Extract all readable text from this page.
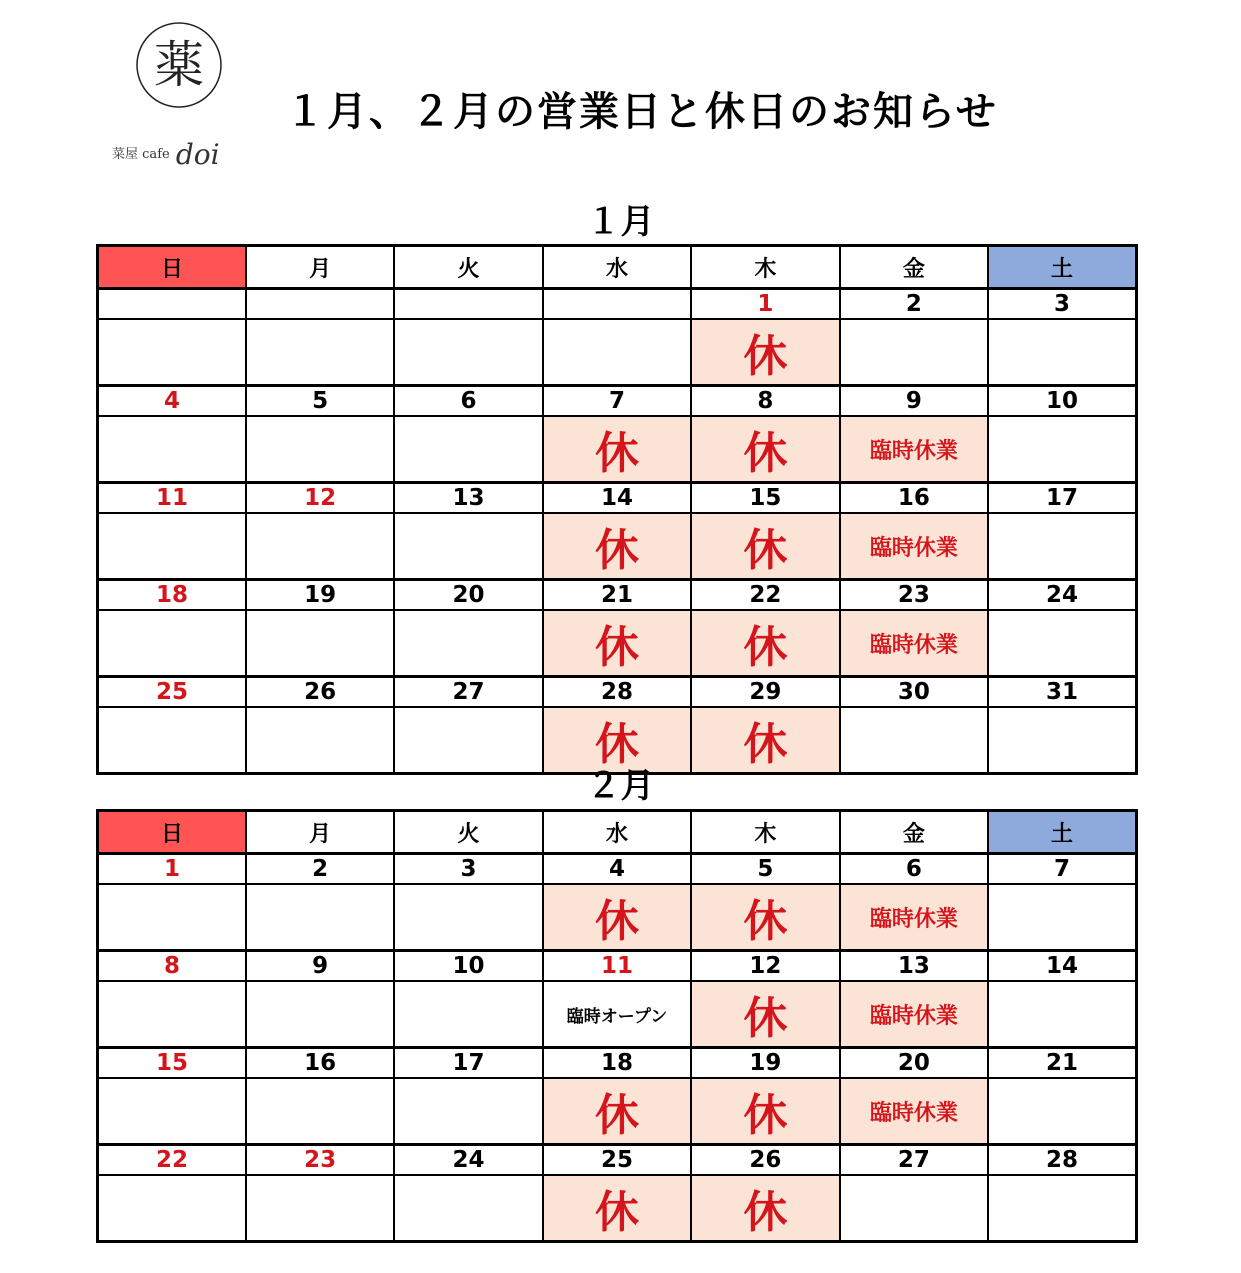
薬
菜屋 cafe doi
１月、２月の営業日と休日のお知らせ
１月
日	月	火	水	木	金	土
				1	2	3
				休		
4	5	6	7	8	9	10
			休	休	臨時休業	
11	12	13	14	15	16	17
			休	休	臨時休業	
18	19	20	21	22	23	24
			休	休	臨時休業	
25	26	27	28	29	30	31
			休	休		
２月
日	月	火	水	木	金	土
1	2	3	4	5	6	7
			休	休	臨時休業	
8	9	10	11	12	13	14
			臨時オープン	休	臨時休業	
15	16	17	18	19	20	21
			休	休	臨時休業	
22	23	24	25	26	27	28
			休	休		
